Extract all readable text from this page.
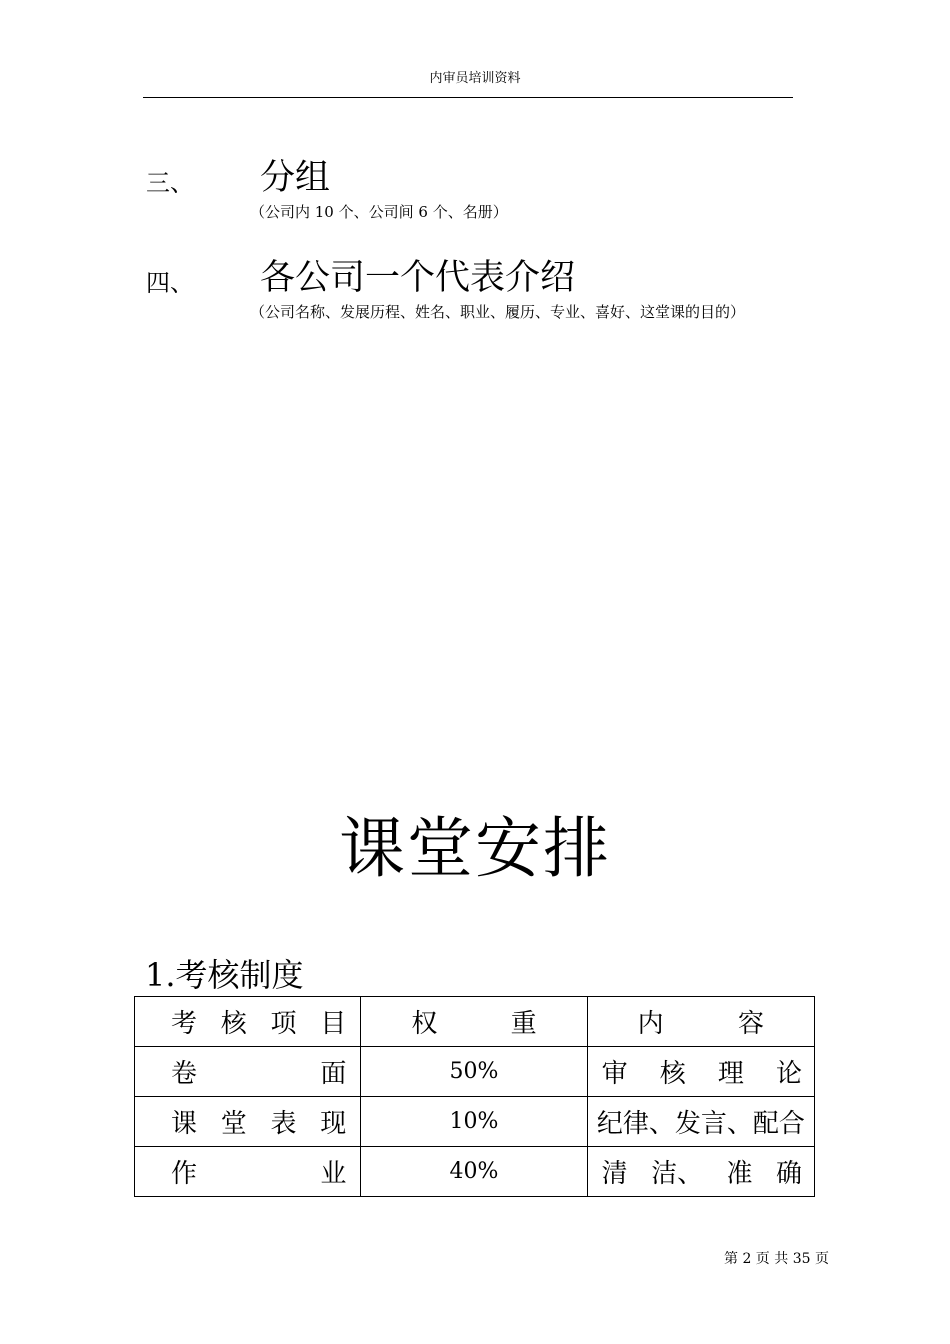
内审员培训资料
三、 分组
（公司内 10 个、公司间 6 个、名册）
四、 各公司一个代表介绍
（公司名称、发展历程、姓名、职业、履历、专业、喜好、这堂课的目的）
课堂安排
1.考核制度
考 核 项 目	权 重	内 容

卷 面	50%	审 核 理 论

课 堂 表 现	10%	纪律、发言、配合

作 业	40%	清 洁、 准 确
第 2 页 共 35 页
